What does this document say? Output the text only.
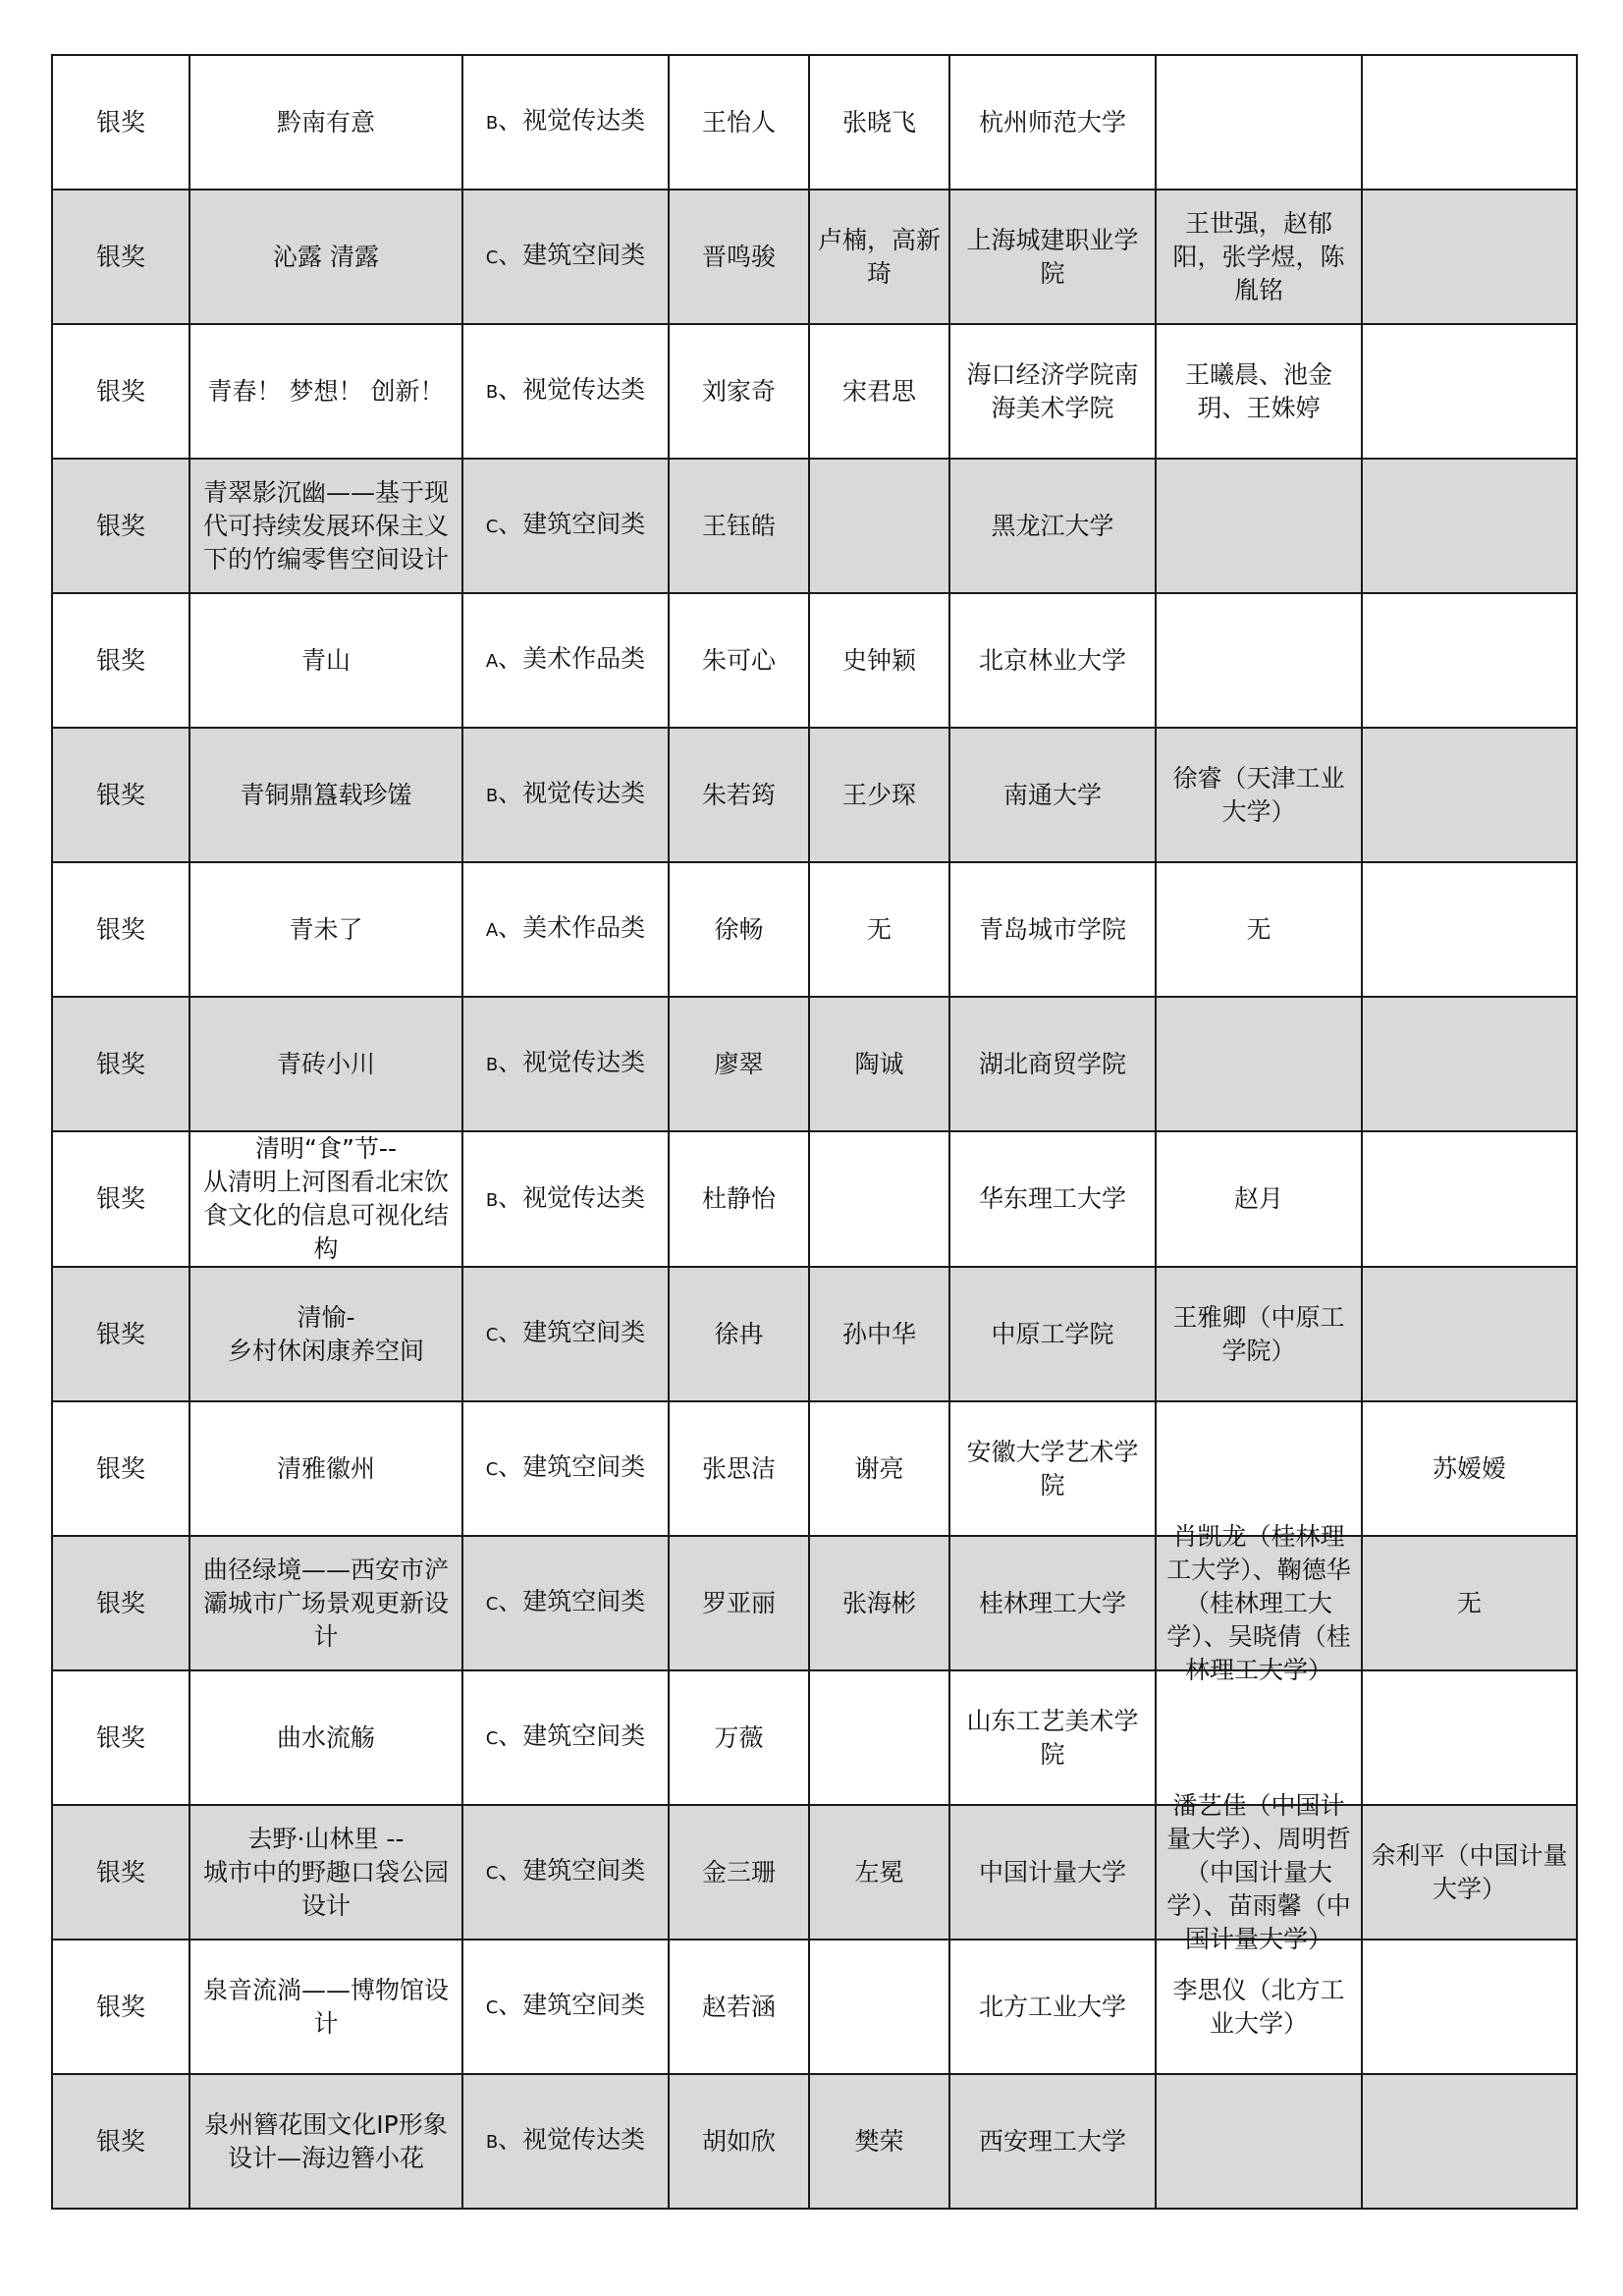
银奖	黔南有意	B、视觉传达类	王怡人	张晓飞	杭州师范大学	

银奖	沁露 清露	C、建筑空间类	晋鸣骏	卢楠，高新琦	上海城建职业学院	王世强，赵郁阳，张学煜，陈胤铭	

银奖	青春！ 梦想！ 创新！	B、视觉传达类	刘家奇	宋君思	海口经济学院南海美术学院	王曦晨、池金玥、王姝婷	

银奖	青翠影沉幽——基于现代可持续发展环保主义下的竹编零售空间设计	C、建筑空间类	王钰皓		黑龙江大学	

银奖	青山	A、美术作品类	朱可心	史钟颖	北京林业大学	

银奖	青铜鼎簋载珍馐	B、视觉传达类	朱若筠	王少琛	南通大学	徐睿（天津工业大学）	

银奖	青未了	A、美术作品类	徐畅	无	青岛城市学院	无	

银奖	青砖小川	B、视觉传达类	廖翠	陶诚	湖北商贸学院	

银奖	清明“食”节--
从清明上河图看北宋饮食文化的信息可视化结构	B、视觉传达类	杜静怡		华东理工大学	赵月	

银奖	清愉-
乡村休闲康养空间	C、建筑空间类	徐冉	孙中华	中原工学院	王雅卿（中原工学院）	

银奖	清雅徽州	C、建筑空间类	张思洁	谢亮	安徽大学艺术学院		苏嫒嫒
银奖	曲径绿境——西安市浐灞城市广场景观更新设计	C、建筑空间类	罗亚丽	张海彬	桂林理工大学	肖凯龙（桂林理工大学）、鞠德华（桂林理工大学）、吴晓倩（桂林理工大学）	无
银奖	曲水流觞	C、建筑空间类	万薇		山东工艺美术学院	

银奖	去野·山林里 --
城市中的野趣口袋公园设计	C、建筑空间类	金三珊	左冕	中国计量大学	潘艺佳（中国计量大学）、周明哲（中国计量大学）、苗雨馨（中国计量大学）	余利平（中国计量大学）
银奖	泉音流淌——博物馆设计	C、建筑空间类	赵若涵		北方工业大学	李思仪（北方工业大学）	

银奖	泉州簪花围文化IP形象设计—海边簪小花	B、视觉传达类	胡如欣	樊荣	西安理工大学	
